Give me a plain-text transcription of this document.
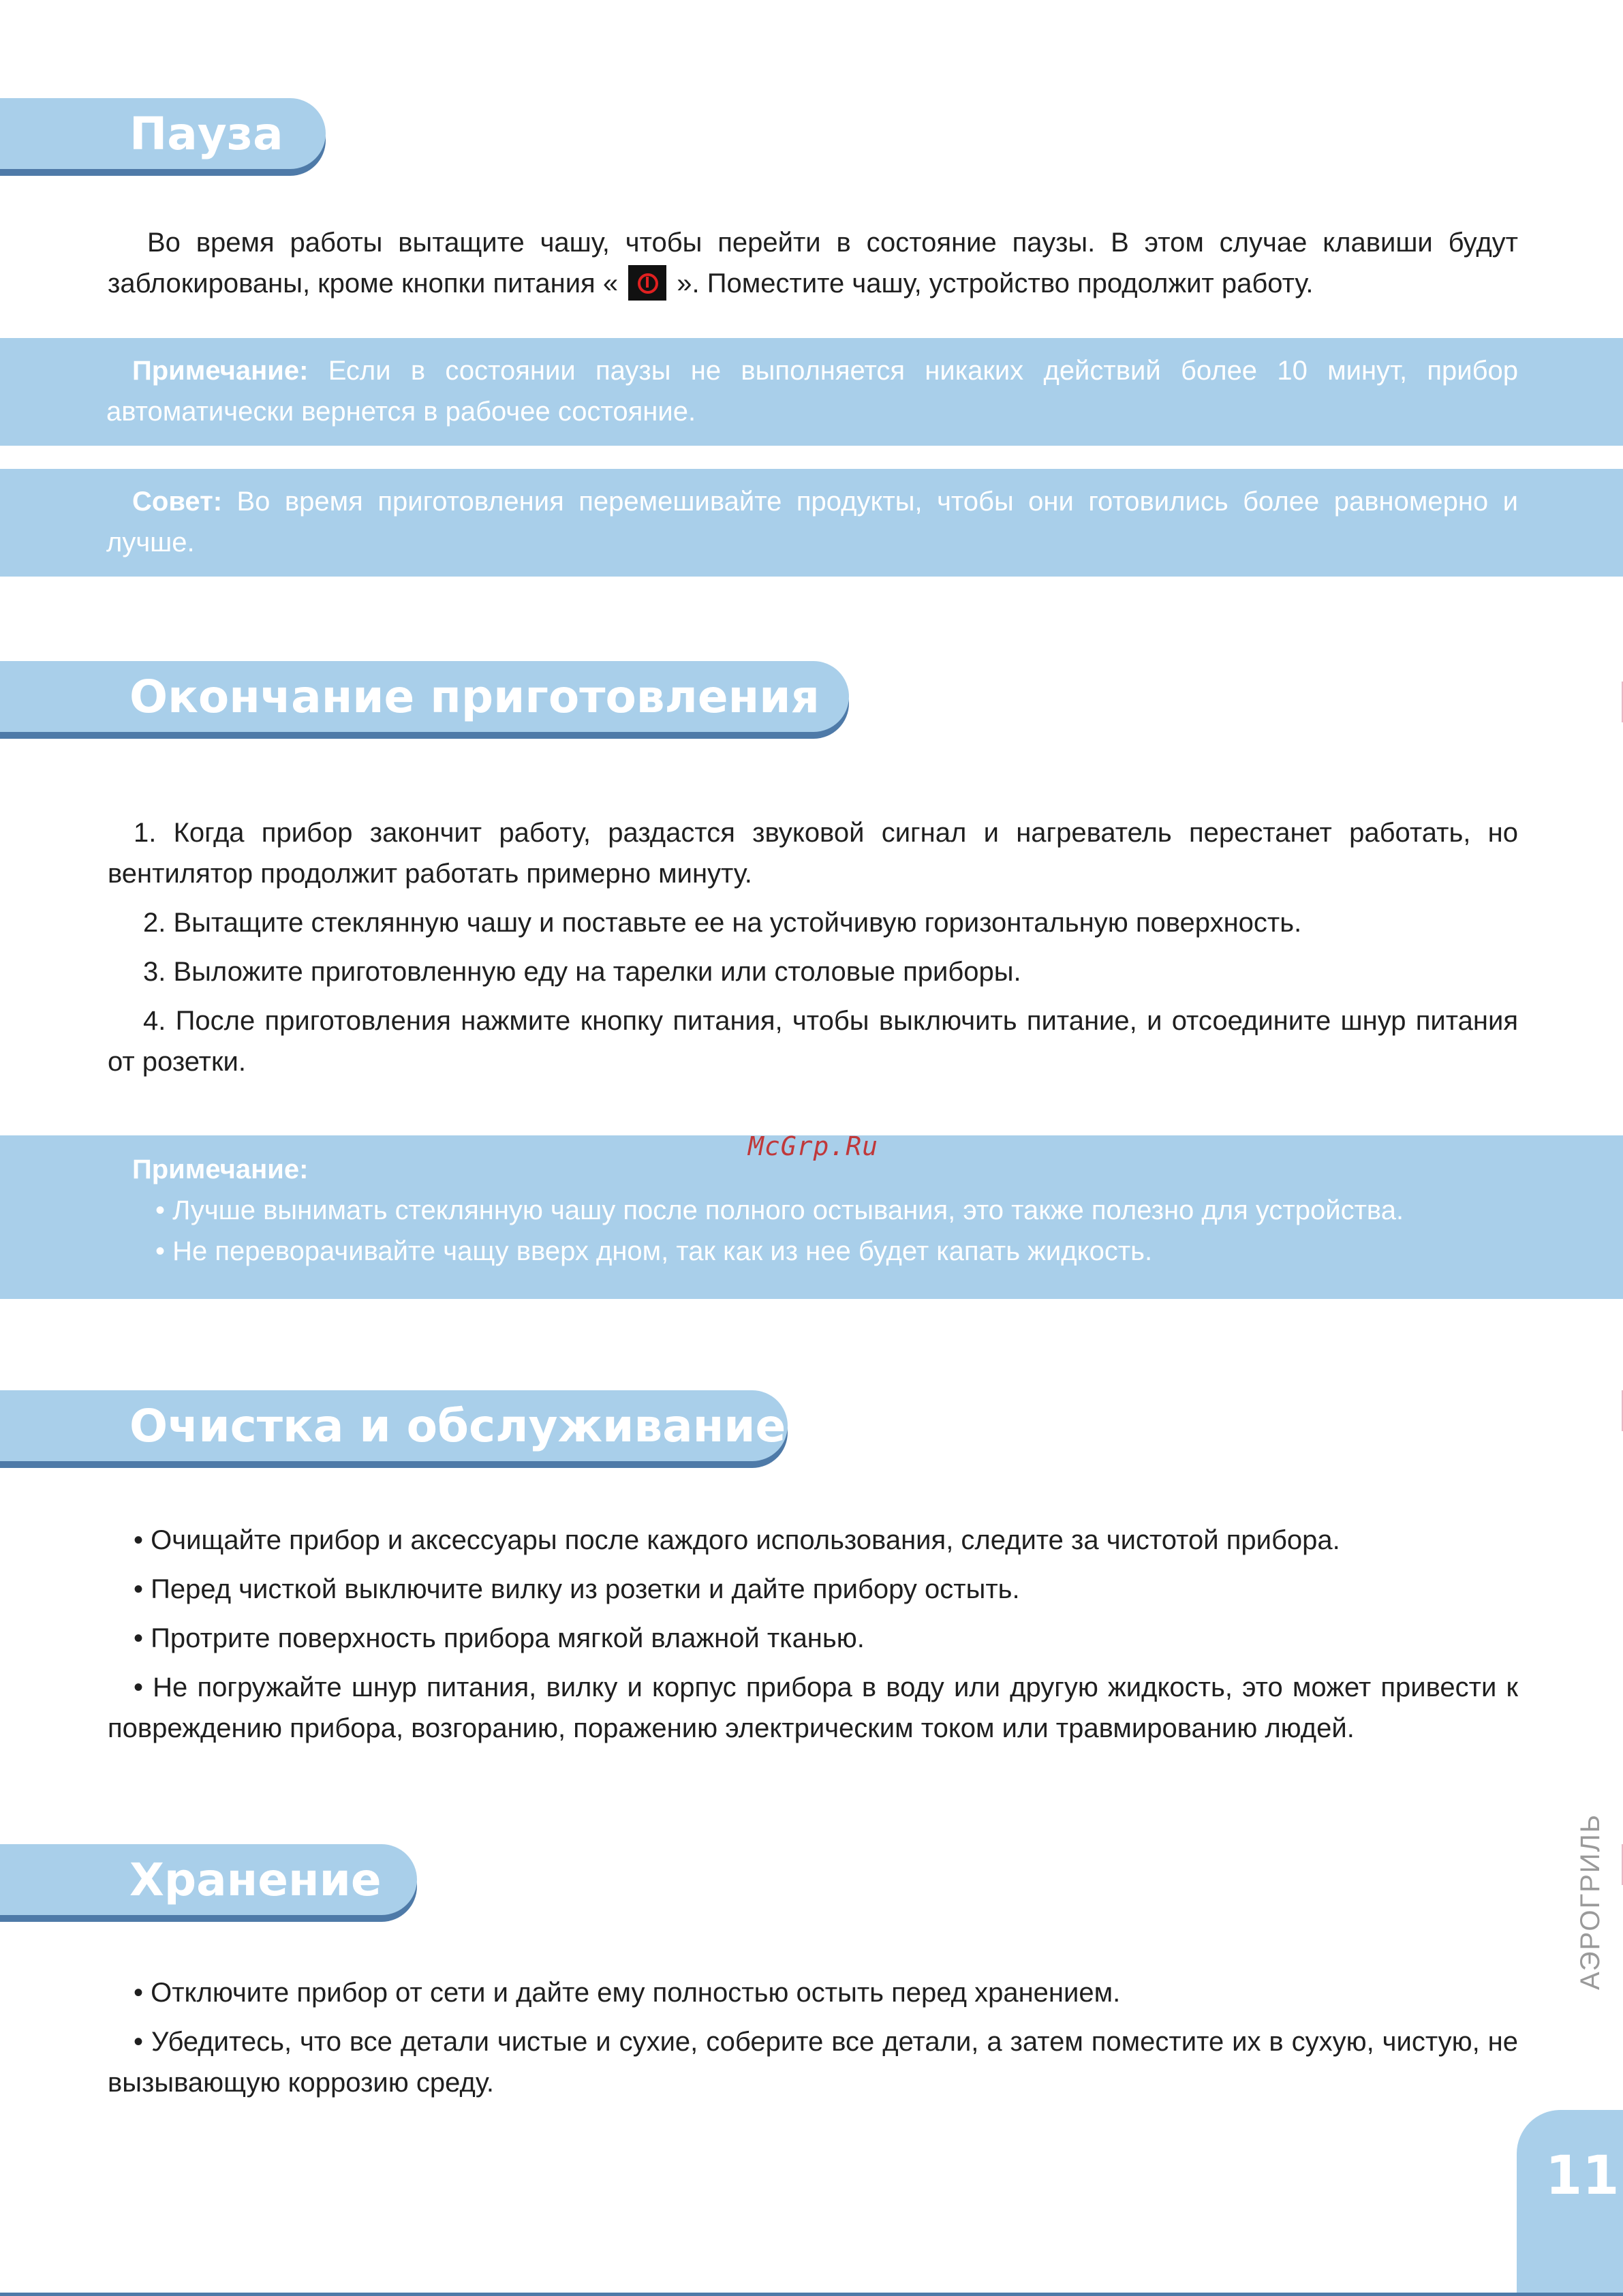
Пауза

Во время работы вытащите чашу, чтобы перейти в состояние паузы. В этом случае клавиши будут заблокированы, кроме кнопки питания «  ». Поместите чашу, устройство продолжит работу.

Примечание: Если в состоянии паузы не выполняется никаких действий более 10 минут, прибор автоматически вернется в рабочее состояние.

Совет: Во время приготовления перемешивайте продукты, чтобы они готовились более равномерно и лучше.

Окончание приготовления

1. Когда прибор закончит работу, раздастся звуковой сигнал и нагреватель перестанет работать, но вентилятор продолжит работать примерно минуту.

2. Вытащите стеклянную чашу и поставьте ее на устойчивую горизонтальную поверхность.

3. Выложите приготовленную еду на тарелки или столовые приборы.

4. После приготовления нажмите кнопку питания, чтобы выключить питание, и отсоедините шнур питания от розетки.

Примечание:

• Лучше вынимать стеклянную чашу после полного остывания, это также полезно для устройства.
• Не переворачивайте чащу вверх дном, так как из нее будет капать жидкость.
McGrp.Ru
Очистка и обслуживание

• Очищайте прибор и аксессуары после каждого использования, следите за чистотой прибора.

• Перед чисткой выключите вилку из розетки и дайте прибору остыть.

• Протрите поверхность прибора мягкой влажной тканью.

• Не погружайте шнур питания, вилку и корпус прибора в воду или другую жидкость, это может привести к повреждению прибора, возгоранию, поражению электрическим током или травмированию людей.

Хранение

• Отключите прибор от сети и дайте ему полностью остыть перед хранением.

• Убедитесь, что все детали чистые и сухие, соберите все детали, а затем поместите их в сухую, чистую, не вызывающую коррозию среду.

АЭРОГРИЛЬ
11
